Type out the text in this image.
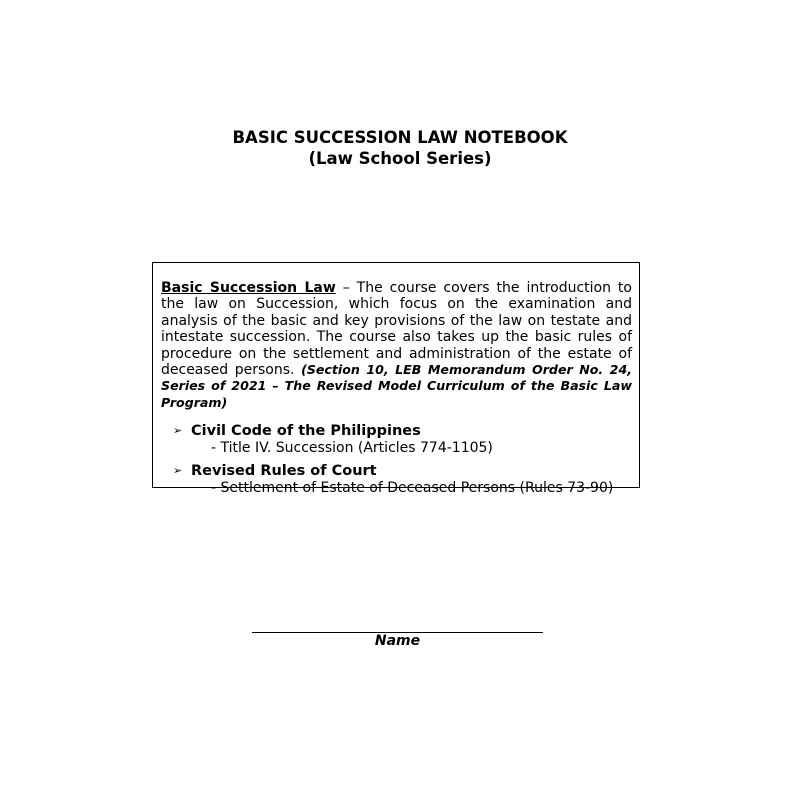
BASIC SUCCESSION LAW NOTEBOOK
(Law School Series)

Basic Succession Law – The course covers the introduction to the law on Succession, which focus on the examination and analysis of the basic and key provisions of the law on testate and intestate succession. The course also takes up the basic rules of procedure on the settlement and administration of the estate of deceased persons. (Section 10, LEB Memorandum Order No. 24, Series of 2021 – The Revised Model Curriculum of the Basic Law Program)

➢ Civil Code of the Philippines
- Title IV. Succession (Articles 774-1105)
➢ Revised Rules of Court
- Settlement of Estate of Deceased Persons (Rules 73-90)
Name
